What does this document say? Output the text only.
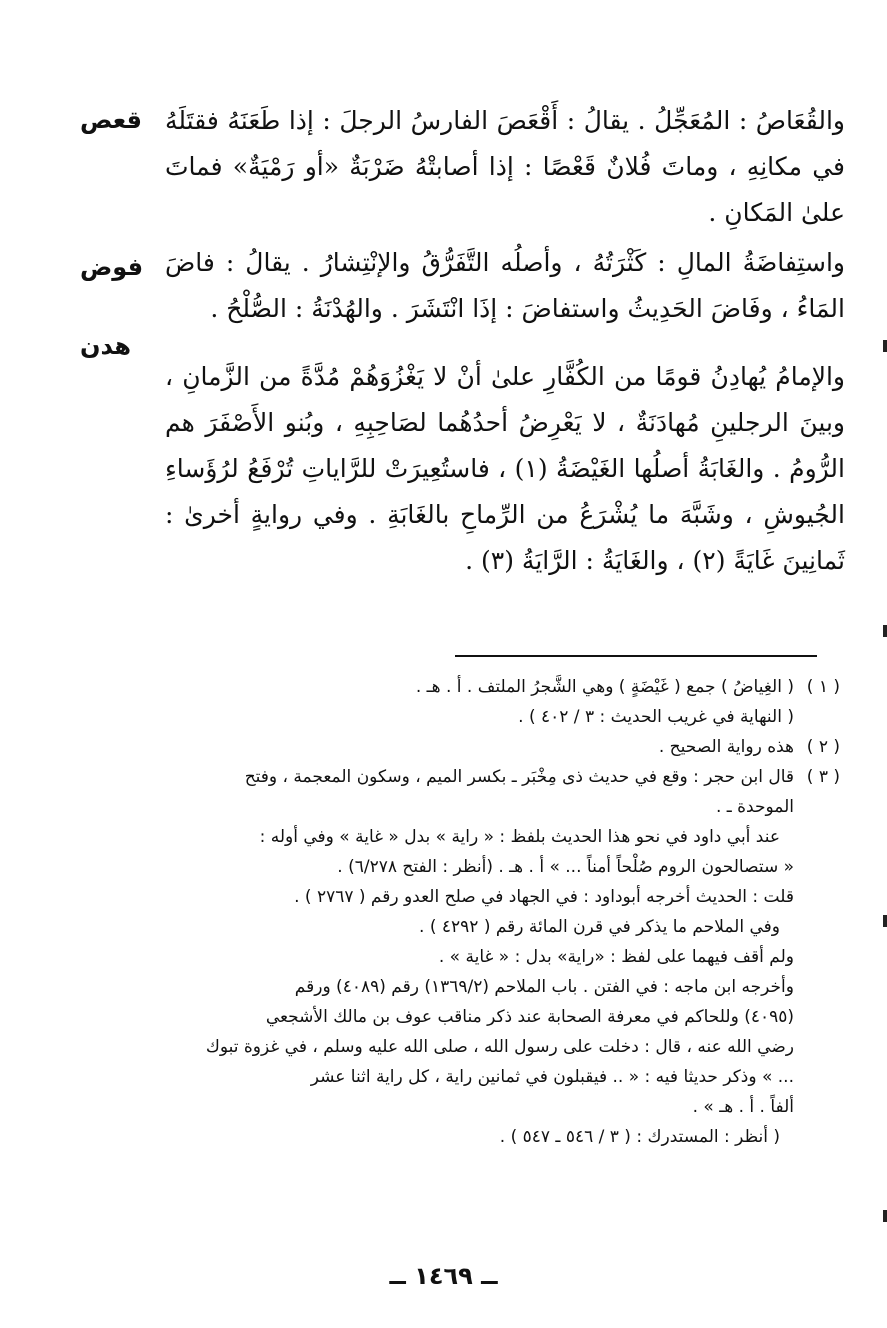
قعص
فوض
هدن

والقُعَاصُ : المُعَجِّلُ . يقالُ : أَقْعَصَ الفارسُ الرجلَ : إذا طَعَنَهُ فقتَلَهُ في مكانِهِ ، وماتَ فُلانٌ قَعْصًا : إذا أصابتْهُ ضَرْبَةٌ «أو رَمْيَةٌ» فماتَ علىٰ المَكانِ .

واستِفاضَةُ المالِ : كَثْرَتُهُ ، وأصلُه التَّفَرُّقُ والإنْتِشارُ . يقالُ : فاضَ المَاءُ ، وفَاضَ الحَدِيثُ واستفاضَ : إذَا انْتَشَرَ . والهُدْنَةُ : الصُّلْحُ .

والإمامُ يُهادِنُ قومًا من الكُفَّارِ علىٰ أنْ لا يَغْزُوَهُمْ مُدَّةً من الزَّمانِ ، وبينَ الرجلينِ مُهادَنَةٌ ، لا يَعْرِضُ أحدُهُما لصَاحِبِهِ ، وبُنو الأَصْفَرَ هم الرُّومُ . والغَابَةُ أصلُها الغَيْضَةُ (١) ، فاستُعِيرَتْ للرَّاياتِ تُرْفَعُ لرُؤَساءِ الجُيوشِ ، وشَبَّهَ ما يُشْرَعُ من الرِّماحِ بالغَابَةِ . وفي روايةٍ أخرىٰ : ثَمانِينَ غَايَةً (٢) ، والغَايَةُ : الرَّايَةُ (٣) .

( ١ )( الغِياضُ ) جمع ( غَيْضَةٍ ) وهي الشَّجرُ الملتف . أ . هـ .

( النهاية في غريب الحديث : ٣ / ٤٠٢ ) .

( ٢ )هذه رواية الصحيح .

( ٣ )قال ابن حجر : وقع في حديث ذى مِخْبَر ـ بكسر الميم ، وسكون المعجمة ، وفتح

الموحدة ـ .

عند أبي داود في نحو هذا الحديث بلفظ : « راية » بدل « غاية » وفي أوله :

« ستصالحون الروم صُلْحاً أمناً ... » أ . هـ . (أنظر : الفتح ٦/٢٧٨) .

قلت : الحديث أخرجه أبوداود : في الجهاد في صلح العدو رقم ( ٢٧٦٧ ) .

وفي الملاحم ما يذكر في قرن المائة رقم ( ٤٢٩٢ ) .

ولم أقف فيهما على لفظ : «راية» بدل : « غاية » .

وأخرجه ابن ماجه : في الفتن . باب الملاحم (١٣٦٩/٢) رقم (٤٠٨٩) ورقم

(٤٠٩٥) وللحاكم في معرفة الصحابة عند ذكر مناقب عوف بن مالك الأشجعي

رضي الله عنه ، قال : دخلت على رسول الله ، صلى الله عليه وسلم ، في غزوة تبوك

... » وذكر حديثا فيه : « .. فيقبلون في ثمانين راية ، كل راية اثنا عشر

ألفاً . أ . هـ » .

( أنظر : المستدرك : ( ٣ / ٥٤٦ ـ ٥٤٧ ) .

ــ ١٤٦٩ ــ
